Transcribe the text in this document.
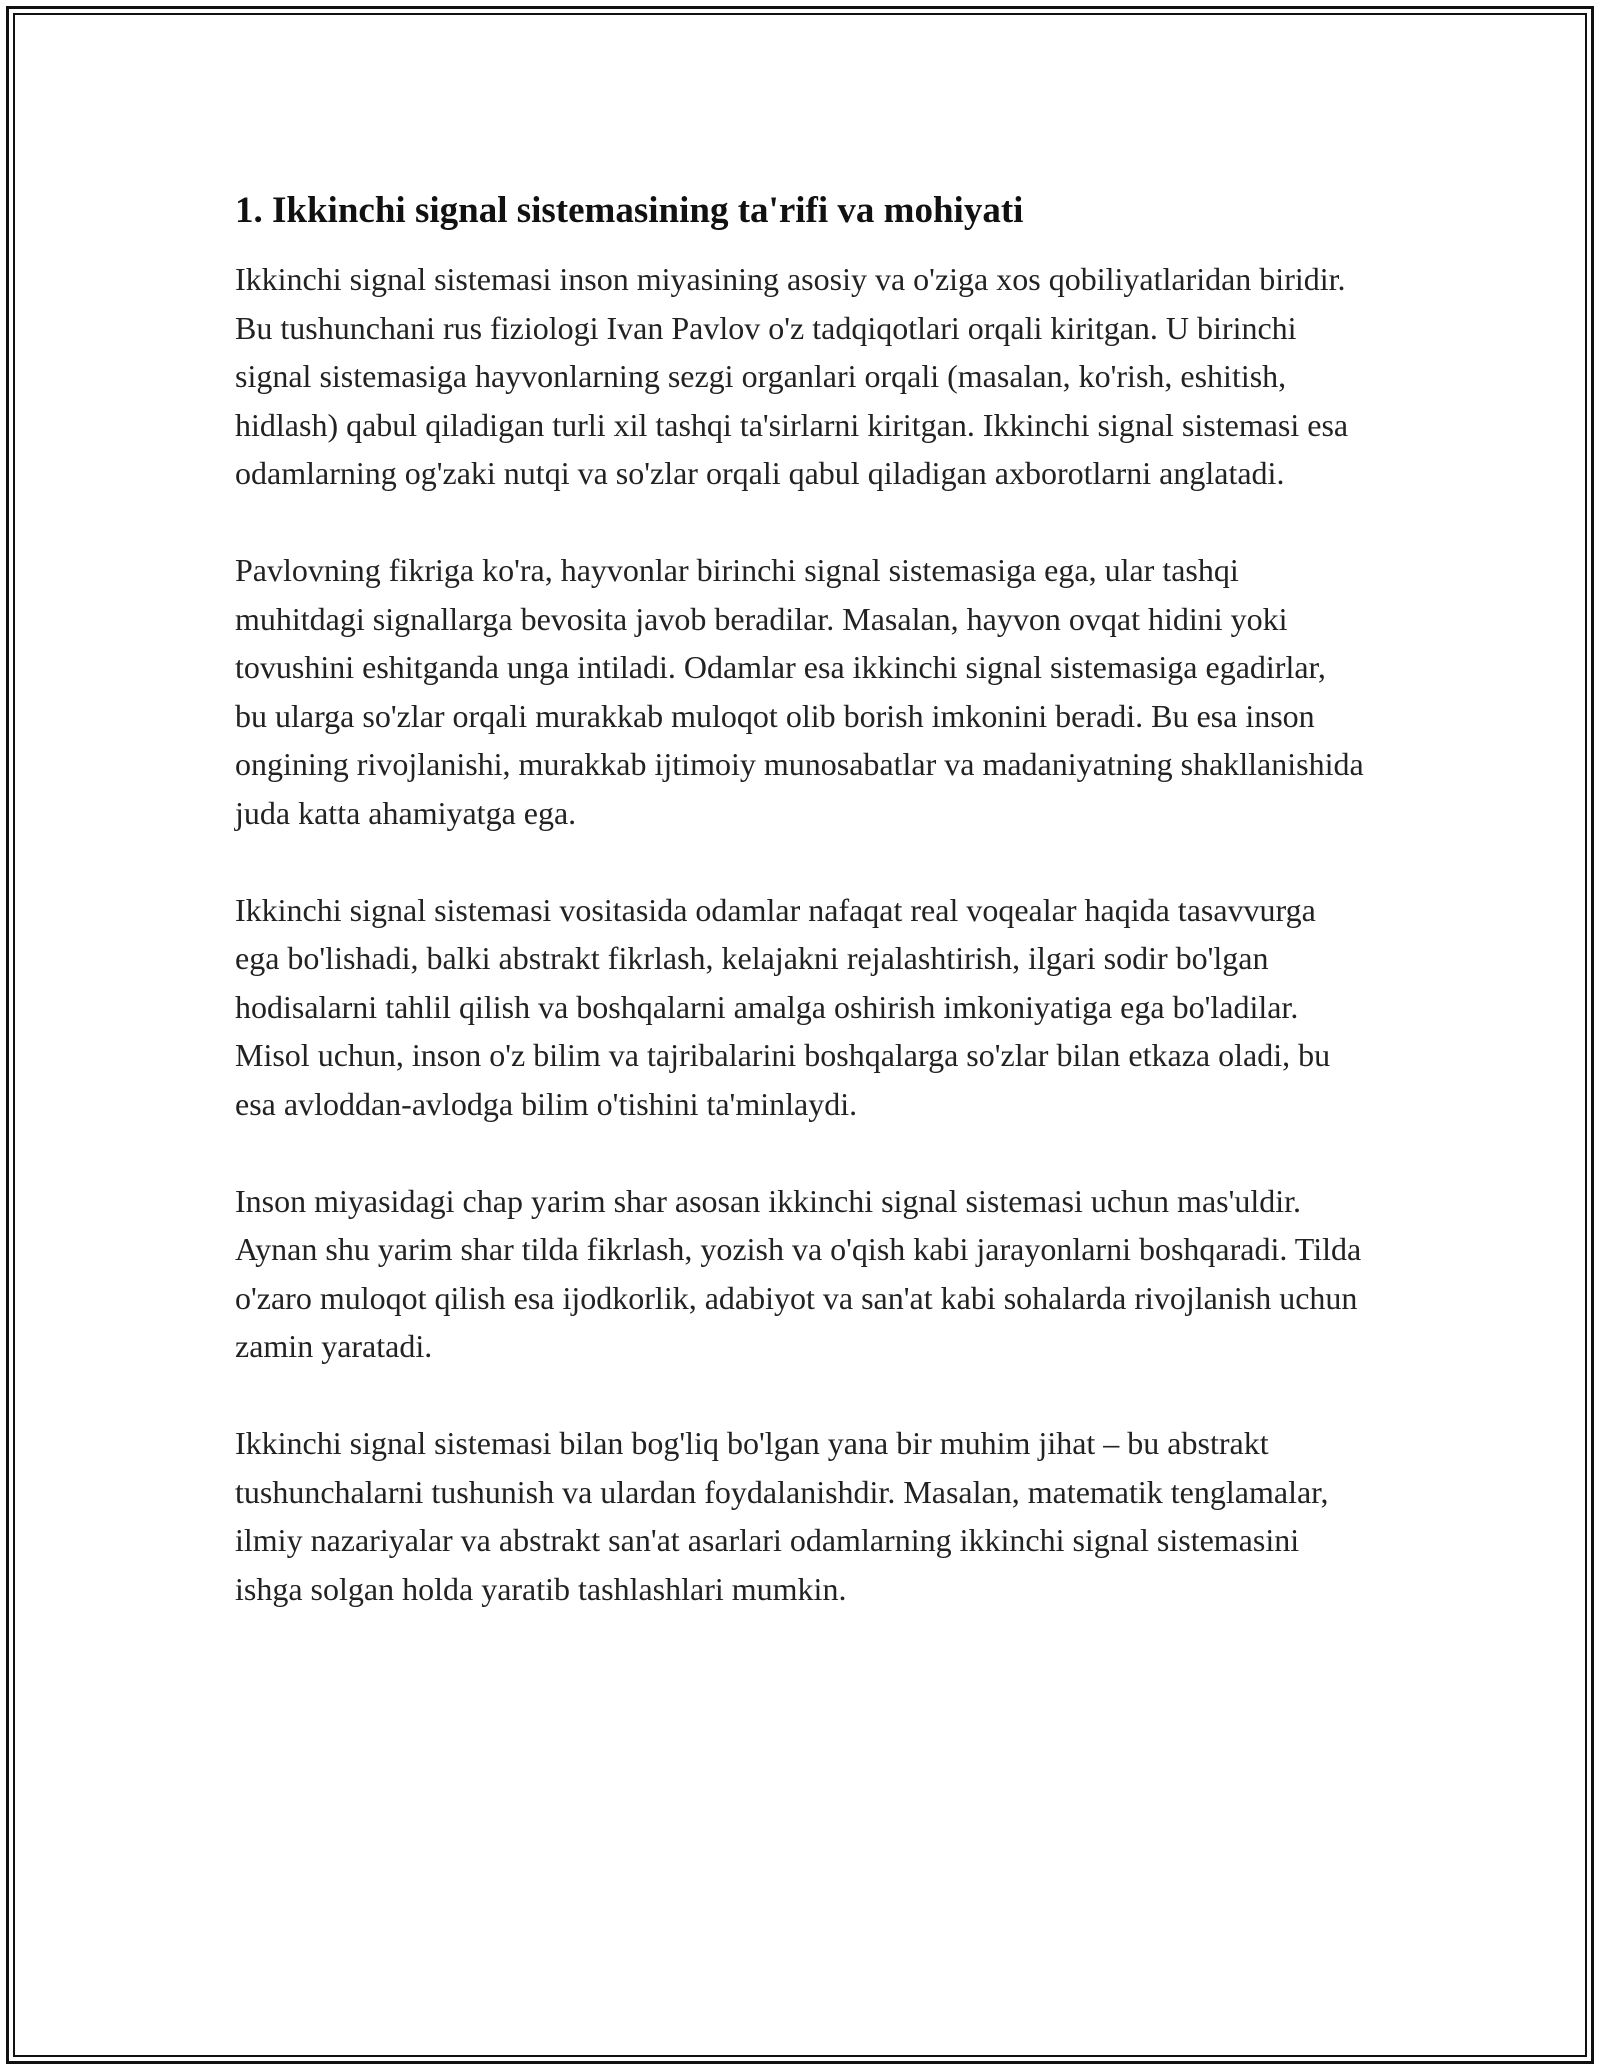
1. Ikkinchi signal sistemasining ta'rifi va mohiyati

Ikkinchi signal sistemasi inson miyasining asosiy va o'ziga xos qobiliyatlaridan biridir. Bu tushunchani rus fiziologi Ivan Pavlov o'z tadqiqotlari orqali kiritgan. U birinchi signal sistemasiga hayvonlarning sezgi organlari orqali (masalan, ko'rish, eshitish, hidlash) qabul qiladigan turli xil tashqi ta'sirlarni kiritgan. Ikkinchi signal sistemasi esa odamlarning og'zaki nutqi va so'zlar orqali qabul qiladigan axborotlarni anglatadi.

Pavlovning fikriga ko'ra, hayvonlar birinchi signal sistemasiga ega, ular tashqi muhitdagi signallarga bevosita javob beradilar. Masalan, hayvon ovqat hidini yoki tovushini eshitganda unga intiladi. Odamlar esa ikkinchi signal sistemasiga egadirlar, bu ularga so'zlar orqali murakkab muloqot olib borish imkonini beradi. Bu esa inson ongining rivojlanishi, murakkab ijtimoiy munosabatlar va madaniyatning shakllanishida juda katta ahamiyatga ega.

Ikkinchi signal sistemasi vositasida odamlar nafaqat real voqealar haqida tasavvurga ega bo'lishadi, balki abstrakt fikrlash, kelajakni rejalashtirish, ilgari sodir bo'lgan hodisalarni tahlil qilish va boshqalarni amalga oshirish imkoniyatiga ega bo'ladilar. Misol uchun, inson o'z bilim va tajribalarini boshqalarga so'zlar bilan etkaza oladi, bu esa avloddan-avlodga bilim o'tishini ta'minlaydi.

Inson miyasidagi chap yarim shar asosan ikkinchi signal sistemasi uchun mas'uldir. Aynan shu yarim shar tilda fikrlash, yozish va o'qish kabi jarayonlarni boshqaradi. Tilda o'zaro muloqot qilish esa ijodkorlik, adabiyot va san'at kabi sohalarda rivojlanish uchun zamin yaratadi.

Ikkinchi signal sistemasi bilan bog'liq bo'lgan yana bir muhim jihat – bu abstrakt tushunchalarni tushunish va ulardan foydalanishdir. Masalan, matematik tenglamalar, ilmiy nazariyalar va abstrakt san'at asarlari odamlarning ikkinchi signal sistemasini ishga solgan holda yaratib tashlashlari mumkin.
